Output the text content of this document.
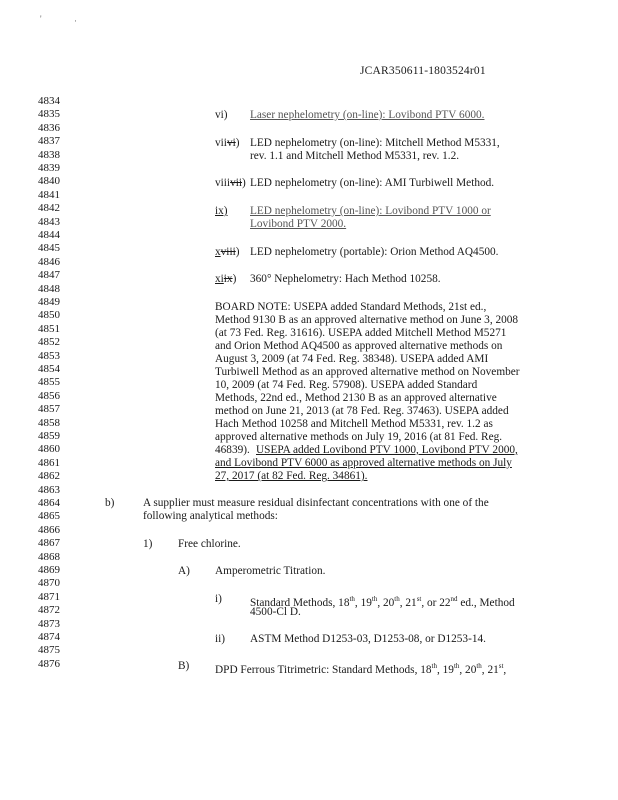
'	·
JCAR350611-1803524r01
4834
4835
4836
4837
4838
4839
4840
4841
4842
4843
4844
4845
4846
4847
4848
4849
4850
4851
4852
4853
4854
4855
4856
4857
4858
4859
4860
4861
4862
4863
4864
4865
4866
4867
4868
4869
4870
4871
4872
4873
4874
4875
4876
vi) Laser nephelometry (on-line): Lovibond PTV 6000.
viivi) LED nephelometry (on-line): Mitchell Method M5331,
rev. 1.1 and Mitchell Method M5331, rev. 1.2.
viiivii) LED nephelometry (on-line): AMI Turbiwell Method.
ix) LED nephelometry (on-line): Lovibond PTV 1000 or
Lovibond PTV 2000.
xviii) LED nephelometry (portable): Orion Method AQ4500.
xiix) 360° Nephelometry: Hach Method 10258.
BOARD NOTE: USEPA added Standard Methods, 21st ed.,
Method 9130 B as an approved alternative method on June 3, 2008
(at 73 Fed. Reg. 31616). USEPA added Mitchell Method M5271
and Orion Method AQ4500 as approved alternative methods on
August 3, 2009 (at 74 Fed. Reg. 38348). USEPA added AMI
Turbiwell Method as an approved alternative method on November
10, 2009 (at 74 Fed. Reg. 57908). USEPA added Standard
Methods, 22nd ed., Method 2130 B as an approved alternative
method on June 21, 2013 (at 78 Fed. Reg. 37463). USEPA added
Hach Method 10258 and Mitchell Method M5331, rev. 1.2 as
approved alternative methods on July 19, 2016 (at 81 Fed. Reg.
46839). USEPA added Lovibond PTV 1000, Lovibond PTV 2000,
and Lovibond PTV 6000 as approved alternative methods on July
27, 2017 (at 82 Fed. Reg. 34861).
b)	A supplier must measure residual disinfectant concentrations with one of the
following analytical methods:
1) Free chlorine.
A) Amperometric Titration.
i) Standard Methods, 18th, 19th, 20th, 21st, or 22nd ed., Method
4500-Cl D.
ii) ASTM Method D1253-03, D1253-08, or D1253-14.
B) DPD Ferrous Titrimetric: Standard Methods, 18th, 19th, 20th, 21st,
